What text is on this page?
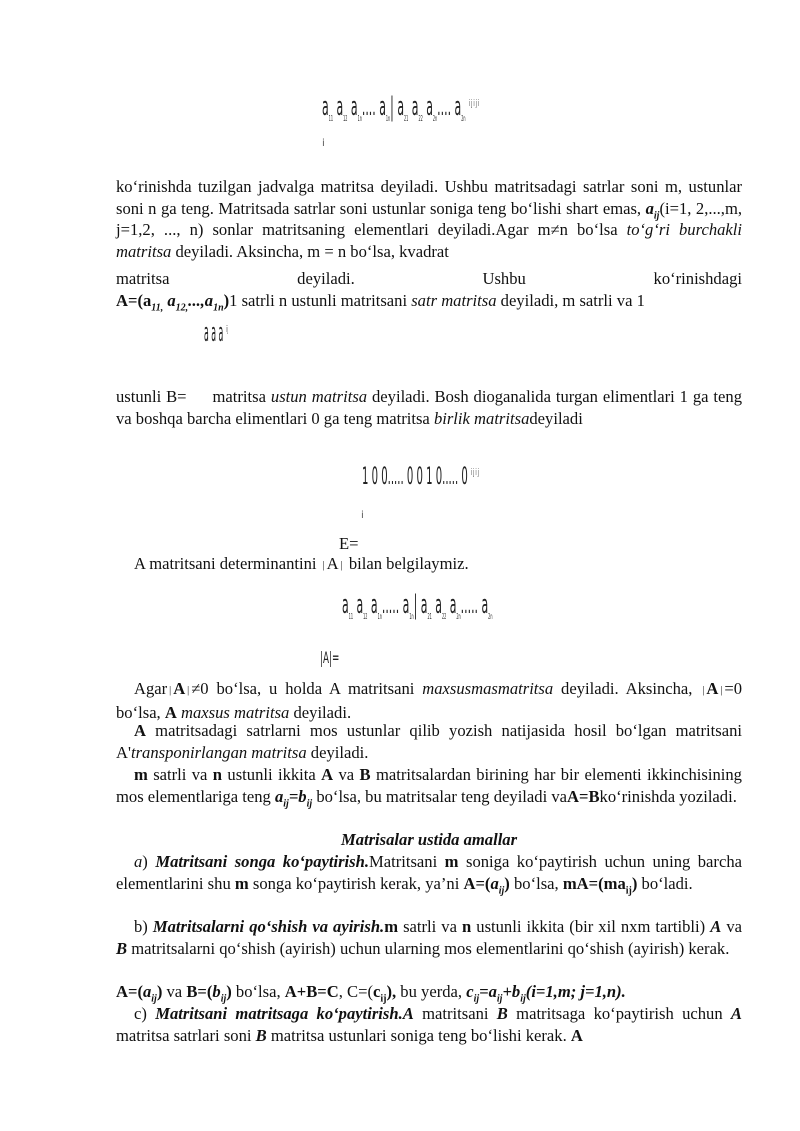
$a_{11}$ $a_{12}$ $a_{1n}$.... $a_{1n}|$ $a_{21}$ $a_{22}$ $a_{2n}$.... $a_{2n}$ $^{i j i j i}$
i

ko‘rinishda tuzilgan jadvalga matritsa deyiladi. Ushbu matritsadagi satrlar soni m, ustunlar soni n ga teng. Matritsada satrlar soni ustunlar soniga teng bo‘lishi shart emas, $a_{ij}(i=1$, 2,...,m, j=1,2, ..., n) sonlar matritsaning elementlari deyiladi.Agar m≠n bo‘lsa to‘g‘ri burchakli matritsa deyiladi. Aksincha, m = n bo‘lsa, kvadrat

matritsa	deyiladi.	Ushbu	ko‘rinishdagi

$A=(a_{11,}$ $a_{12,}...,a_{1n})1$ satrli n ustunli matritsani satr matritsa deyiladi, m satrli va 1

a a a $^{i j}$

ustunli B= matritsa ustun matritsa deyiladi. Bosh dioganalida turgan elimentlari 1 ga teng va boshqa barcha elimentlari 0 ga teng matritsa birlik matritsadeyiladi

1 0 0..... 0 0 1 0..... 0 $^{i j i j}$
i
E=

A matritsani determinantini | A | bilan belgilaymiz.

$a_{11}$ $a_{12}$ $a_{1n}$..... $a_{1n}|$ $a_{21}$ $a_{22}$ $a_{2n}$..... $a_{2n}$
|A|=

Agar | A | ≠0 bo‘lsa, u holda A matritsani maxsusmasmatritsa deyiladi. Aksincha, | A | =0 bo‘lsa, A maxsus matritsa deyiladi.

A matritsadagi satrlarni mos ustunlar qilib yozish natijasida hosil bo‘lgan matritsani A'transponirlangan matritsa deyiladi.

m satrli va n ustunli ikkita A va B matritsalardan birining har bir elementi ikkinchisining mos elementlariga teng $a_{ij}=b_{ij}$ bo‘lsa, bu matritsalar teng deyiladi vaA=Bko‘rinishda yoziladi.

Matrisalar ustida amallar

a) Matritsani songa ko‘paytirish.Matritsani m soniga ko‘paytirish uchun uning barcha elementlarini shu m songa ko‘paytirish kerak, ya’ni $A=(a_{ij})$ bo‘lsa, $mA=(ma_{ij})$ bo‘ladi.

b) Matritsalarni qo‘shish va ayirish.m satrli va n ustunli ikkita (bir xil nxm tartibli) A va B matritsalarni qo‘shish (ayirish) uchun ularning mos elementlarini qo‘shish (ayirish) kerak.

$A=(a_{ij})$ va $B=(b_{ij})$ bo‘lsa, A+B=C, $C=(c_{ij})$, bu yerda, $c_{ij}=a_{ij}+b_{ij}(i=1,m$; j=1,n).

c) Matritsani matritsaga ko‘paytirish.A matritsani B matritsaga ko‘paytirish uchun A matritsa satrlari soni B matritsa ustunlari soniga teng bo‘lishi kerak. A
